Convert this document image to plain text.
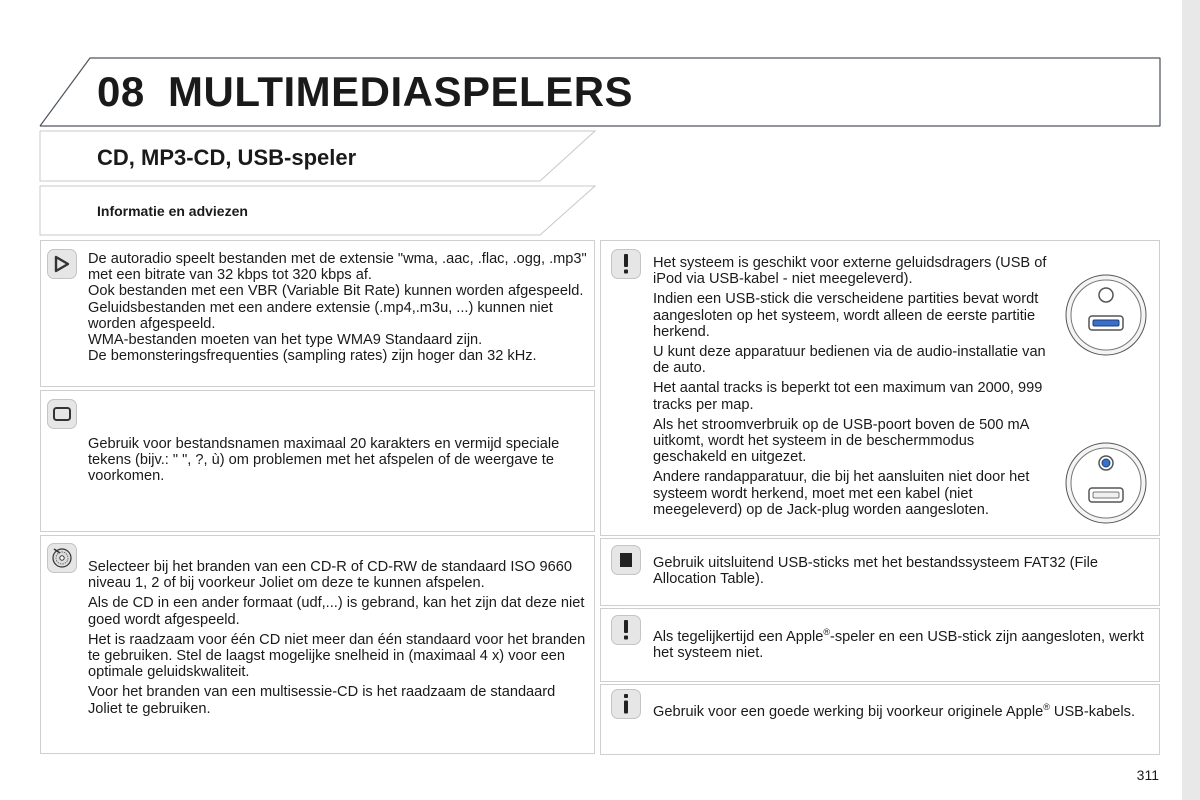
08 MULTIMEDIASPELERS
CD, MP3-CD, USB-speler
Informatie en adviezen

De autoradio speelt bestanden met de extensie "wma, .aac, .flac, .ogg, .mp3" met een bitrate van 32 kbps tot 320 kbps af.

Ook bestanden met een VBR (Variable Bit Rate) kunnen worden afgespeeld.

Geluidsbestanden met een andere extensie (.mp4,.m3u, ...) kunnen niet worden afgespeeld.

WMA-bestanden moeten van het type WMA9 Standaard zijn.

De bemonsteringsfrequenties (sampling rates) zijn hoger dan 32 kHz.

Gebruik voor bestandsnamen maximaal 20 karakters en vermijd speciale tekens (bijv.: " ", ?, ù) om problemen met het afspelen of de weergave te voorkomen.

Selecteer bij het branden van een CD-R of CD-RW de standaard ISO 9660 niveau 1, 2 of bij voorkeur Joliet om deze te kunnen afspelen.

Als de CD in een ander formaat (udf,...) is gebrand, kan het zijn dat deze niet goed wordt afgespeeld.

Het is raadzaam voor één CD niet meer dan één standaard voor het branden te gebruiken. Stel de laagst mogelijke snelheid in (maximaal 4 x) voor een optimale geluidskwaliteit.

Voor het branden van een multisessie-CD is het raadzaam de standaard Joliet te gebruiken.

Het systeem is geschikt voor externe geluidsdragers (USB of iPod via USB-kabel - niet meegeleverd).

Indien een USB-stick die verscheidene partities bevat wordt aangesloten op het systeem, wordt alleen de eerste partitie herkend.

U kunt deze apparatuur bedienen via de audio-installatie van de auto.

Het aantal tracks is beperkt tot een maximum van 2000, 999 tracks per map.

Als het stroomverbruik op de USB-poort boven de 500 mA uitkomt, wordt het systeem in de beschermmodus geschakeld en uitgezet.

Andere randapparatuur, die bij het aansluiten niet door het systeem wordt herkend, moet met een kabel (niet meegeleverd) op de Jack-plug worden aangesloten.

Gebruik uitsluitend USB-sticks met het bestandssysteem FAT32 (File Allocation Table).

Als tegelijkertijd een Apple®-speler en een USB-stick zijn aangesloten, werkt het systeem niet.

Gebruik voor een goede werking bij voorkeur originele Apple® USB-kabels.

311
